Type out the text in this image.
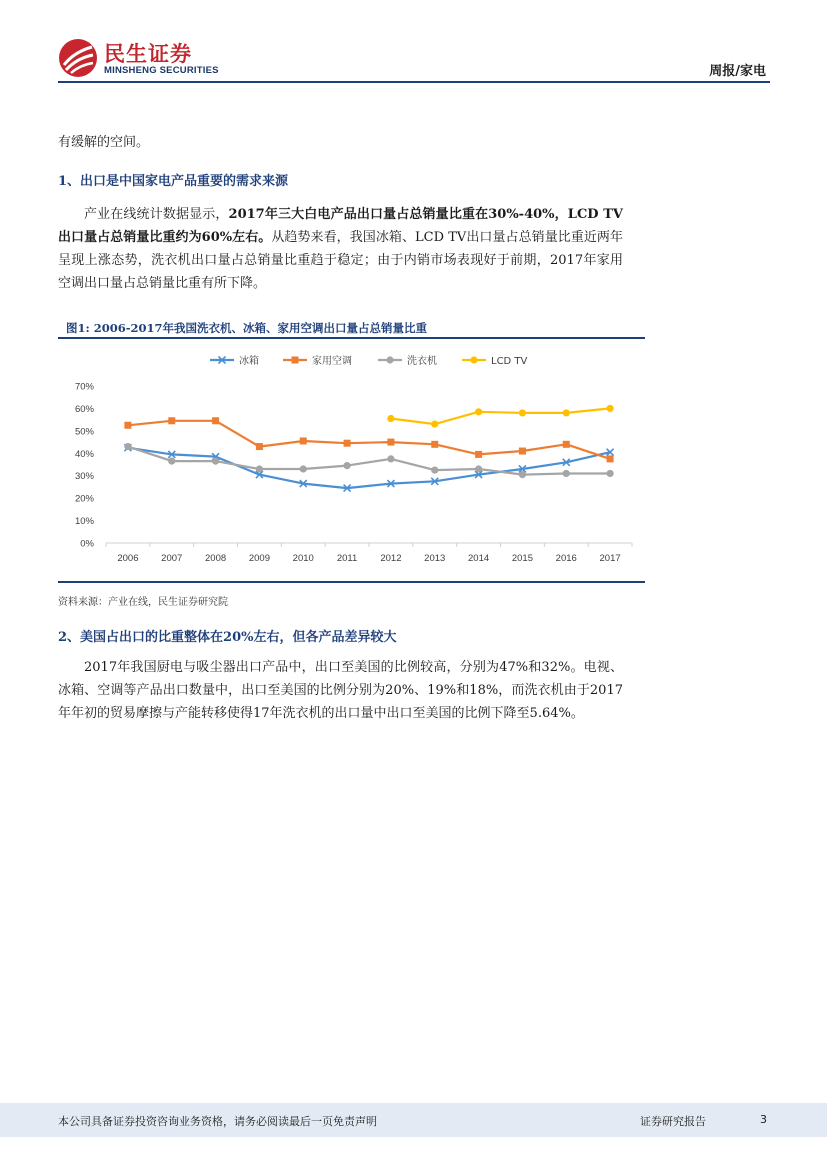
民生证券
MINSHENG SECURITIES	周报/家电

有缓解的空间。

1、出口是中国家电产品重要的需求来源

产业在线统计数据显示，2017年三大白电产品出口量占总销量比重在30%-40%，LCD TV出口量占总销量比重约为60%左右。从趋势来看，我国冰箱、LCD TV出口量占总销量比重近两年呈现上涨态势，洗衣机出口量占总销量比重趋于稳定；由于内销市场表现好于前期，2017年家用空调出口量占总销量比重有所下降。

图1: 2006-2017年我国洗衣机、冰箱、家用空调出口量占总销量比重
冰箱	家用空调	洗衣机	LCD TV
0%
10%
20%
30%
40%
50%
60%
70%
2006 2007 2008 2009 2010 2011 2012 2013 2014 2015 2016 2017
资料来源：产业在线，民生证券研究院
2、美国占出口的比重整体在20%左右，但各产品差异较大

2017年我国厨电与吸尘器出口产品中，出口至美国的比例较高，分别为47%和32%。电视、冰箱、空调等产品出口数量中，出口至美国的比例分别为20%、19%和18%，而洗衣机由于2017年年初的贸易摩擦与产能转移使得17年洗衣机的出口量中出口至美国的比例下降至5.64%。

本公司具备证券投资咨询业务资格，请务必阅读最后一页免责声明	证券研究报告	3
